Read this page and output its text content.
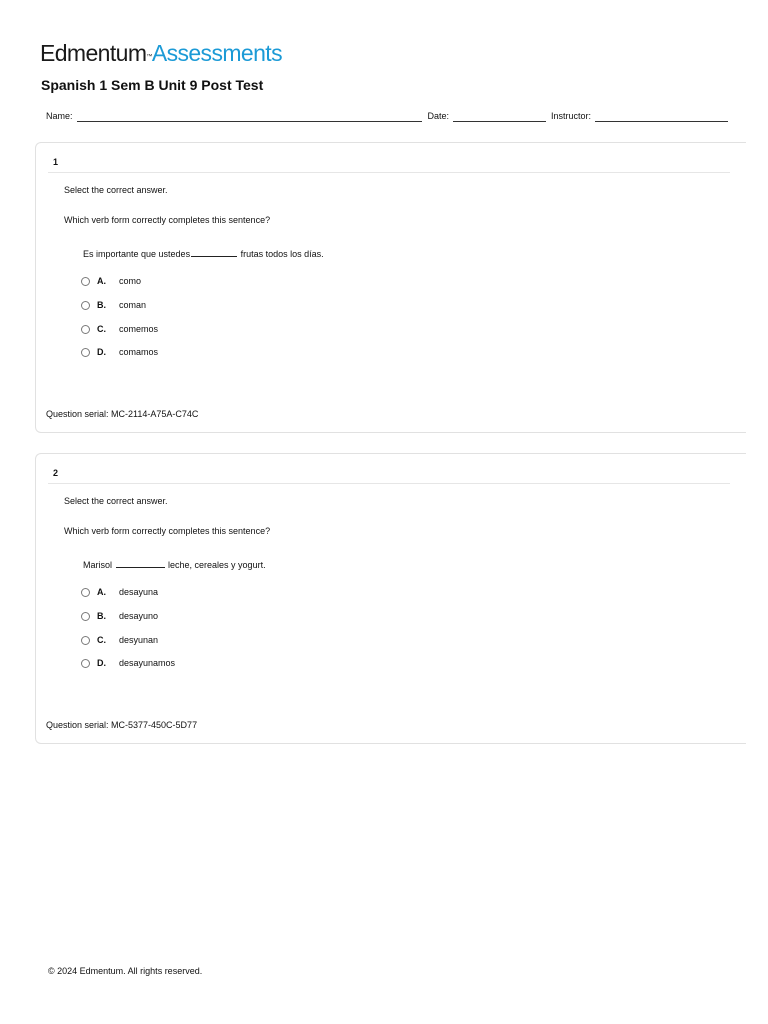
Edmentum™Assessments
Spanish 1 Sem B Unit 9 Post Test
Name:	Date:	Instructor:
1
Select the correct answer.
Which verb form correctly completes this sentence?
Es importante que ustedes	frutas todos los días.
A.	como
B.	coman
C.	comemos
D.	comamos
Question serial: MC-2114-A75A-C74C
2
Select the correct answer.
Which verb form correctly completes this sentence?
Marisol	leche, cereales y yogurt.
A.	desayuna
B.	desayuno
C.	desyunan
D.	desayunamos
Question serial: MC-5377-450C-5D77
© 2024 Edmentum. All rights reserved.
